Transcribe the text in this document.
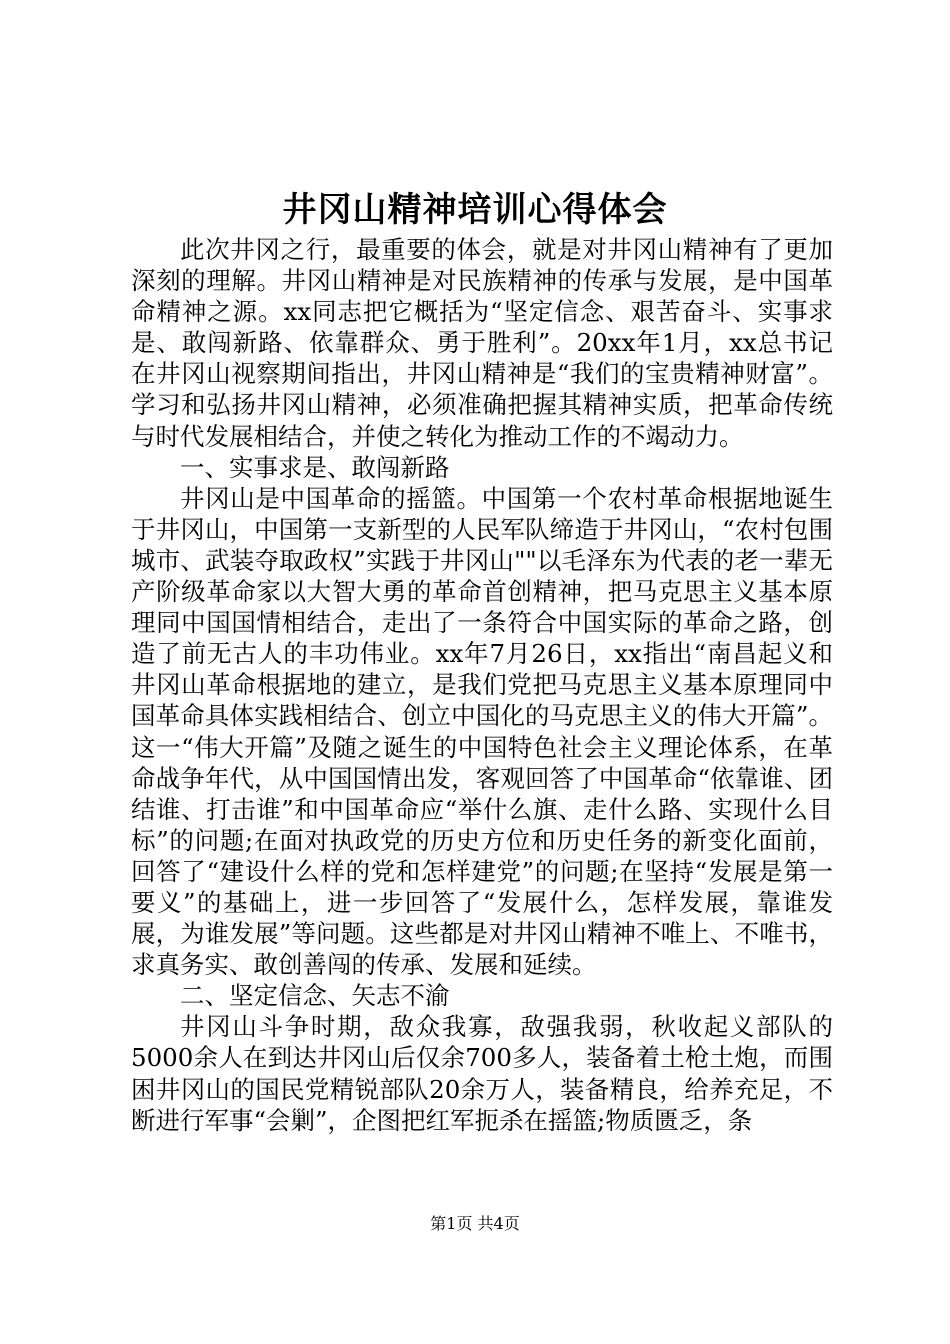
井冈山精神培训心得体会

此次井冈之行，最重要的体会，就是对井冈山精神有了更加深刻的理解。井冈山精神是对民族精神的传承与发展，是中国革命精神之源。xx同志把它概括为“坚定信念、艰苦奋斗、实事求是、敢闯新路、依靠群众、勇于胜利”。20xx年1月，xx总书记在井冈山视察期间指出，井冈山精神是“我们的宝贵精神财富”。学习和弘扬井冈山精神，必须准确把握其精神实质，把革命传统与时代发展相结合，并使之转化为推动工作的不竭动力。

一、实事求是、敢闯新路

井冈山是中国革命的摇篮。中国第一个农村革命根据地诞生于井冈山，中国第一支新型的人民军队缔造于井冈山，“农村包围城市、武装夺取政权”实践于井冈山""以毛泽东为代表的老一辈无产阶级革命家以大智大勇的革命首创精神，把马克思主义基本原理同中国国情相结合，走出了一条符合中国实际的革命之路，创造了前无古人的丰功伟业。xx年7月26日，xx指出“南昌起义和井冈山革命根据地的建立，是我们党把马克思主义基本原理同中国革命具体实践相结合、创立中国化的马克思主义的伟大开篇”。这一“伟大开篇”及随之诞生的中国特色社会主义理论体系，在革命战争年代，从中国国情出发，客观回答了中国革命“依靠谁、团结谁、打击谁”和中国革命应“举什么旗、走什么路、实现什么目标”的问题;在面对执政党的历史方位和历史任务的新变化面前，回答了“建设什么样的党和怎样建党”的问题;在坚持“发展是第一要义”的基础上，进一步回答了“发展什么，怎样发展，靠谁发展，为谁发展”等问题。这些都是对井冈山精神不唯上、不唯书，求真务实、敢创善闯的传承、发展和延续。

二、坚定信念、矢志不渝

井冈山斗争时期，敌众我寡，敌强我弱，秋收起义部队的5000余人在到达井冈山后仅余700多人，装备着土枪土炮，而围困井冈山的国民党精锐部队20余万人，装备精良，给养充足，不断进行军事“会剿”，企图把红军扼杀在摇篮;物质匮乏，条

第1页 共4页
